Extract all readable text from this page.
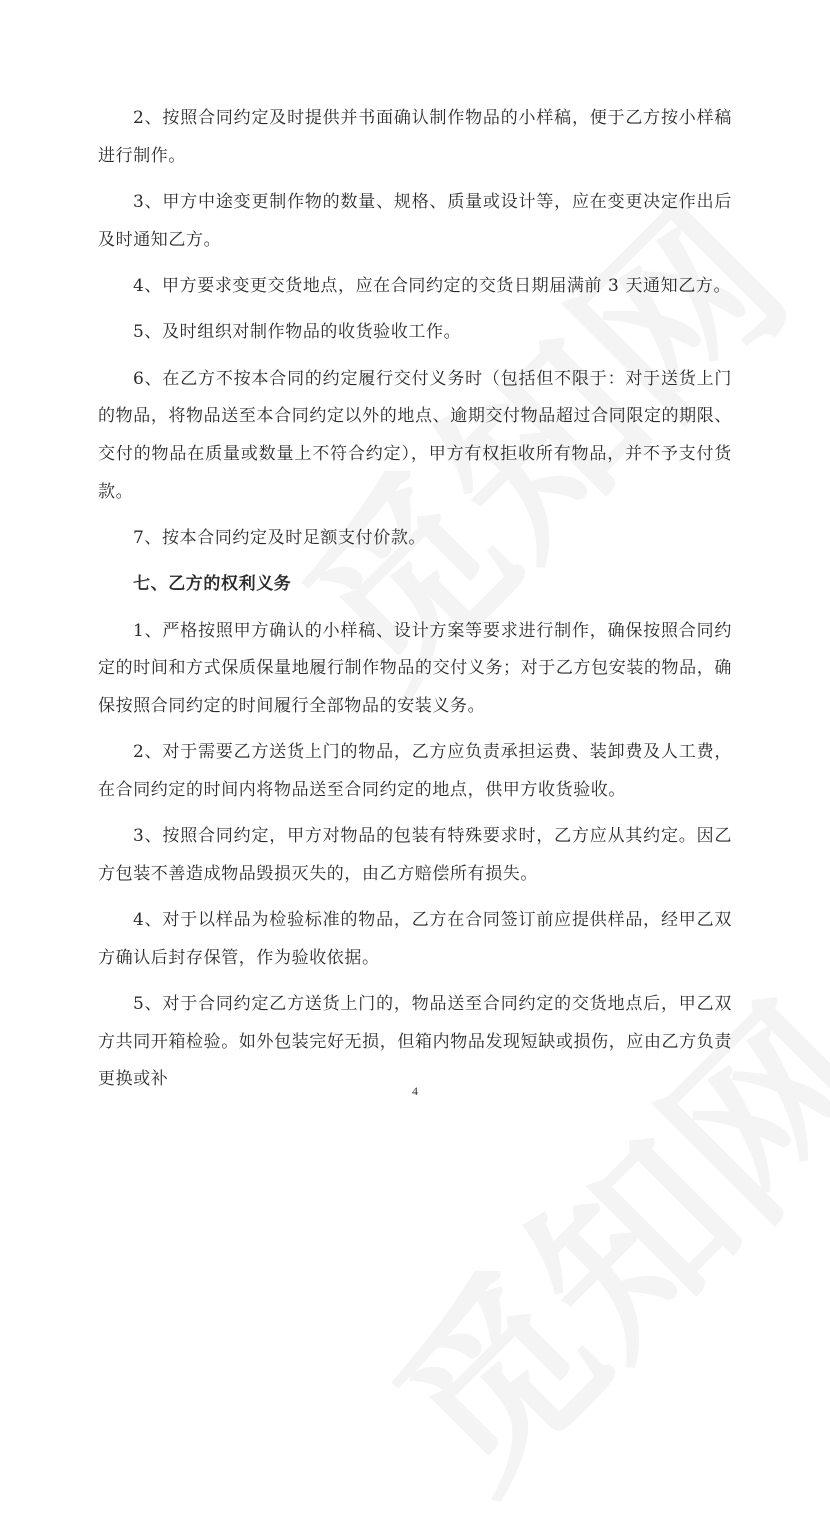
2、按照合同约定及时提供并书面确认制作物品的小样稿，便于乙方按小样稿进行制作。

3、甲方中途变更制作物的数量、规格、质量或设计等，应在变更决定作出后及时通知乙方。

4、甲方要求变更交货地点，应在合同约定的交货日期届满前 3 天通知乙方。

5、及时组织对制作物品的收货验收工作。

6、在乙方不按本合同的约定履行交付义务时（包括但不限于：对于送货上门的物品，将物品送至本合同约定以外的地点、逾期交付物品超过合同限定的期限、交付的物品在质量或数量上不符合约定），甲方有权拒收所有物品，并不予支付货款。

7、按本合同约定及时足额支付价款。

七、乙方的权利义务

1、严格按照甲方确认的小样稿、设计方案等要求进行制作，确保按照合同约定的时间和方式保质保量地履行制作物品的交付义务；对于乙方包安装的物品，确保按照合同约定的时间履行全部物品的安装义务。

2、对于需要乙方送货上门的物品，乙方应负责承担运费、装卸费及人工费，在合同约定的时间内将物品送至合同约定的地点，供甲方收货验收。

3、按照合同约定，甲方对物品的包装有特殊要求时，乙方应从其约定。因乙方包装不善造成物品毁损灭失的，由乙方赔偿所有损失。

4、对于以样品为检验标准的物品，乙方在合同签订前应提供样品，经甲乙双方确认后封存保管，作为验收依据。

5、对于合同约定乙方送货上门的，物品送至合同约定的交货地点后，甲乙双方共同开箱检验。如外包装完好无损，但箱内物品发现短缺或损伤，应由乙方负责更换或补

4
